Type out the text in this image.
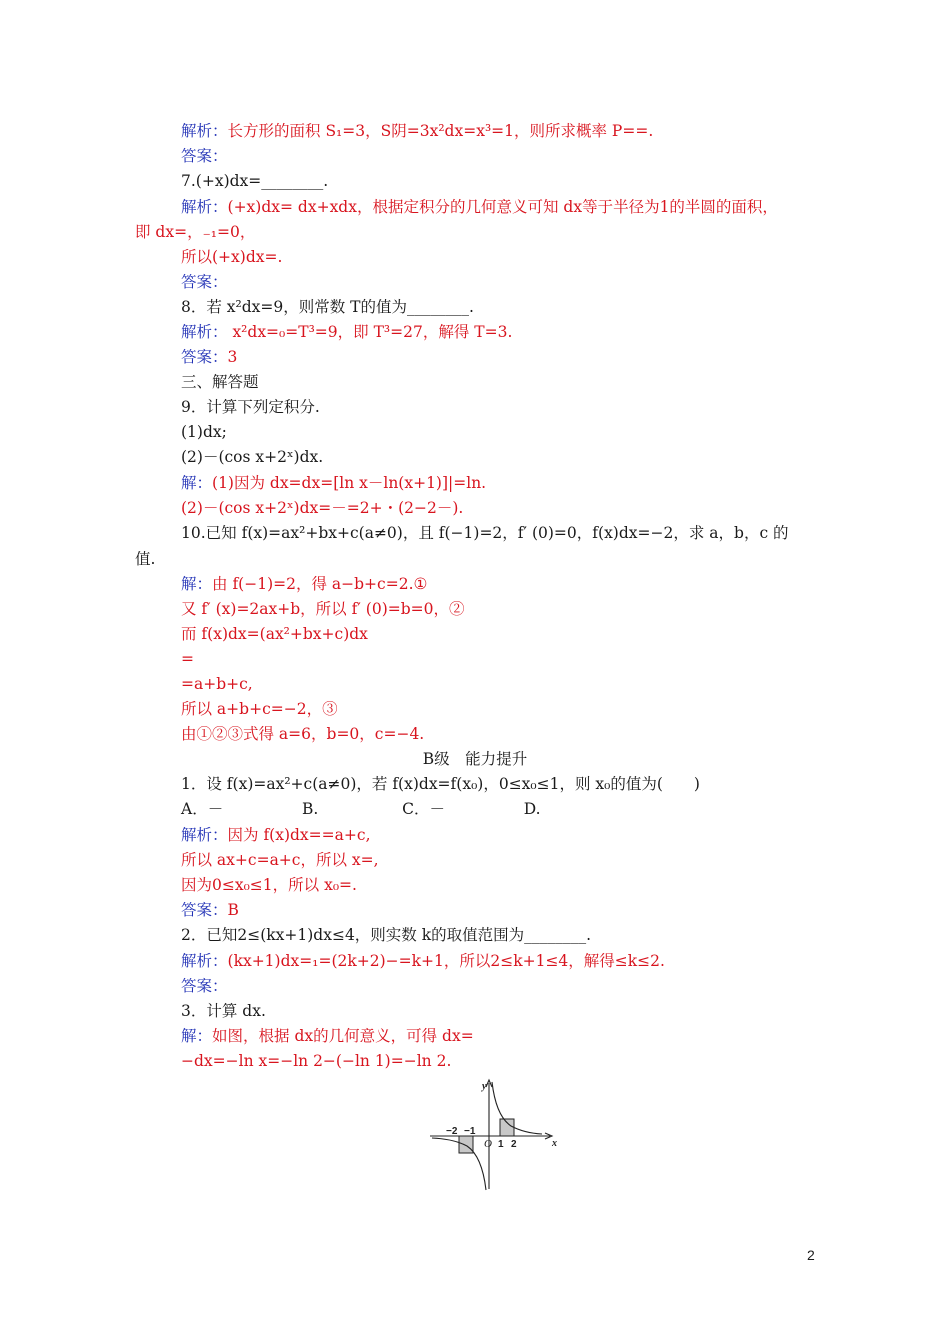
解析：长方形的面积 S₁=3，S阴=3x²dx=x³=1，则所求概率 P==.
答案：
7.(+x)dx=________.
解析：(+x)dx= dx+xdx，根据定积分的几何意义可知 dx等于半径为1的半圆的面积，
即 dx=，₋₁=0，
所以(+x)dx=.
答案：
8．若 x²dx=9，则常数 T的值为________.
解析： x²dx=₀=T³=9，即 T³=27，解得 T=3.
答案：3
三、解答题
9．计算下列定积分.
(1)dx;
(2)－(cos x+2ˣ)dx.
解：(1)因为 dx=dx=[ln x－ln(x+1)]|=ln.
(2)－(cos x+2ˣ)dx=－=2+・(2−2－).
10.已知 f(x)=ax²+bx+c(a≠0)，且 f(−1)=2，f′ (0)=0，f(x)dx=−2，求 a，b，c 的
值.
解：由 f(−1)=2，得 a−b+c=2.①
又 f′ (x)=2ax+b，所以 f′ (0)=b=0，②
而 f(x)dx=(ax²+bx+c)dx
=
=a+b+c,
所以 a+b+c=−2，③
由①②③式得 a=6，b=0，c=−4.
B级　能力提升
1．设 f(x)=ax²+c(a≠0)，若 f(x)dx=f(x₀)，0≤x₀≤1，则 x₀的值为(　　)
A．－                B.                 C．－                D.
解析：因为 f(x)dx==a+c,
所以 ax+c=a+c，所以 x=,
因为0≤x₀≤1，所以 x₀=.
答案：B
2．已知2≤(kx+1)dx≤4，则实数 k的取值范围为________.
解析：(kx+1)dx=₁=(2k+2)−=k+1，所以2≤k+1≤4，解得≤k≤2.
答案：
3．计算 dx.
解：如图，根据 dx的几何意义，可得 dx=
−dx=−ln x=−ln 2−(−ln 1)=−ln 2.
y
x
O
−2 −1
1 2
2
